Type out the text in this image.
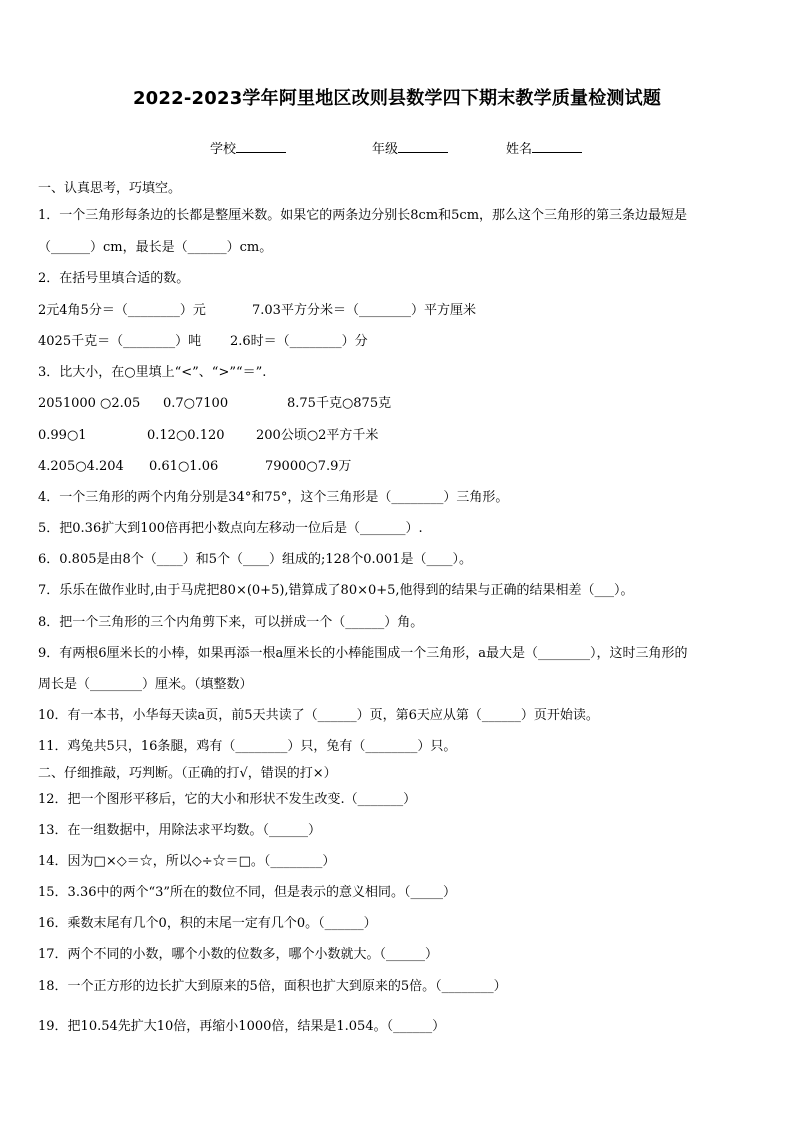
2022-2023学年阿里地区改则县数学四下期末教学质量检测试题
学校	年级	姓名
一、认真思考，巧填空。
1．一个三角形每条边的长都是整厘米数。如果它的两条边分别长8cm和5cm，那么这个三角形的第三条边最短是
（______）cm，最长是（______）cm。
2．在括号里填合适的数。
2元4角5分＝（________）元	7.03平方分米＝（________）平方厘米
4025千克＝（________）吨 2.6时＝（________）分
3．比大小，在○里填上“<”、“>”“＝”.
2051000 ○2.05 0.7○7100	8.75千克○875克
0.99○1	0.12○0.120 200公顷○2平方千米
4.205○4.204 0.61○1.06	79000○7.9万
4．一个三角形的两个内角分别是34°和75°，这个三角形是（________）三角形。
5．把0.36扩大到100倍再把小数点向左移动一位后是（_______）.
6．0.805是由8个（____）和5个（____）组成的;128个0.001是（____）。
7．乐乐在做作业时,由于马虎把80×(0+5),错算成了80×0+5,他得到的结果与正确的结果相差（___）。
8．把一个三角形的三个内角剪下来，可以拼成一个（______）角。
9．有两根6厘米长的小棒，如果再添一根a厘米长的小棒能围成一个三角形，a最大是（________），这时三角形的
周长是（________）厘米。（填整数）
10．有一本书，小华每天读a页，前5天共读了（______）页，第6天应从第（______）页开始读。
11．鸡兔共5只，16条腿，鸡有（________）只，兔有（________）只。
二、仔细推敲，巧判断。（正确的打√，错误的打×）
12．把一个图形平移后，它的大小和形状不发生改变.（_______）
13．在一组数据中，用除法求平均数。（______）
14．因为□×◇＝☆，所以◇÷☆＝□。（________）
15．3.36中的两个“3”所在的数位不同，但是表示的意义相同。（_____）
16．乘数末尾有几个0，积的末尾一定有几个0。（______）
17．两个不同的小数，哪个小数的位数多，哪个小数就大。（______）
18．一个正方形的边长扩大到原来的5倍，面积也扩大到原来的5倍。（________）
19．把10.54先扩大10倍，再缩小1000倍，结果是1.054。（______）
